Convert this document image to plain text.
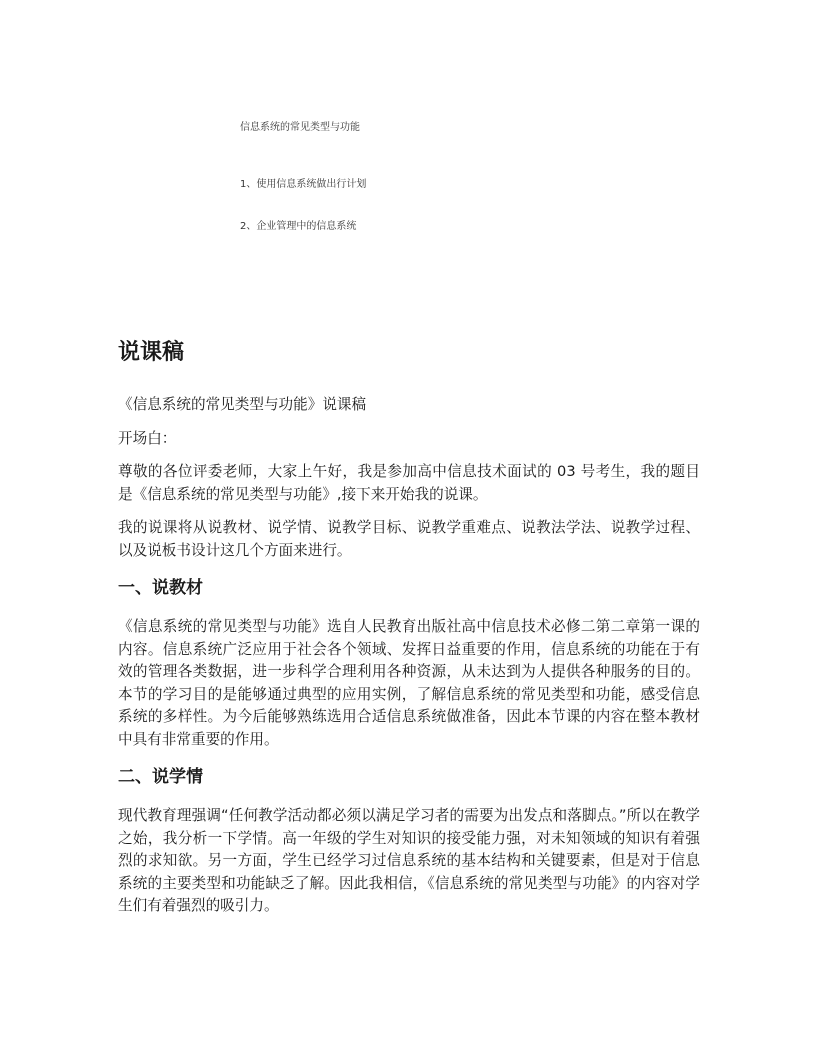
信息系统的常见类型与功能
1、使用信息系统做出行计划
2、企业管理中的信息系统
说课稿

《信息系统的常见类型与功能》说课稿

开场白：

尊敬的各位评委老师，大家上午好，我是参加高中信息技术面试的 03 号考生，我的题目是《信息系统的常见类型与功能》,接下来开始我的说课。

我的说课将从说教材、说学情、说教学目标、说教学重难点、说教法学法、说教学过程、以及说板书设计这几个方面来进行。

一、说教材

《信息系统的常见类型与功能》选自人民教育出版社高中信息技术必修二第二章第一课的内容。信息系统广泛应用于社会各个领域、发挥日益重要的作用，信息系统的功能在于有效的管理各类数据，进一步科学合理利用各种资源，从未达到为人提供各种服务的目的。本节的学习目的是能够通过典型的应用实例，了解信息系统的常见类型和功能，感受信息系统的多样性。为今后能够熟练选用合适信息系统做准备，因此本节课的内容在整本教材中具有非常重要的作用。

二、说学情

现代教育理强调“任何教学活动都必须以满足学习者的需要为出发点和落脚点。”所以在教学之始，我分析一下学情。高一年级的学生对知识的接受能力强，对未知领域的知识有着强烈的求知欲。另一方面，学生已经学习过信息系统的基本结构和关键要素，但是对于信息系统的主要类型和功能缺乏了解。因此我相信，《信息系统的常见类型与功能》的内容对学生们有着强烈的吸引力。
